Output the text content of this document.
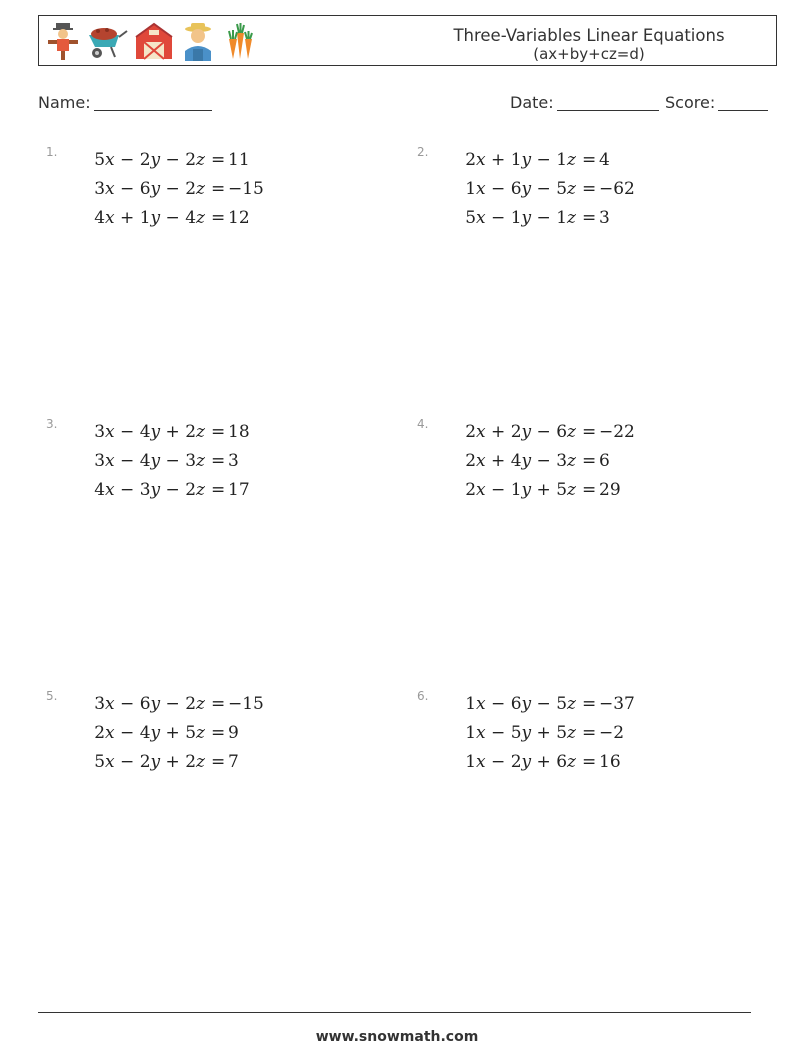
Three-Variables Linear Equations
(ax+by+cz=d)
Name:	Date:	Score:
1. 5x − 2y − 2z = 11
3x − 6y − 2z = −15
4x + 1y − 4z = 12
2. 2x + 1y − 1z = 4
1x − 6y − 5z = −62
5x − 1y − 1z = 3
3. 3x − 4y + 2z = 18
3x − 4y − 3z = 3
4x − 3y − 2z = 17
4. 2x + 2y − 6z = −22
2x + 4y − 3z = 6
2x − 1y + 5z = 29
5. 3x − 6y − 2z = −15
2x − 4y + 5z = 9
5x − 2y + 2z = 7
6. 1x − 6y − 5z = −37
1x − 5y + 5z = −2
1x − 2y + 6z = 16
www.snowmath.com
